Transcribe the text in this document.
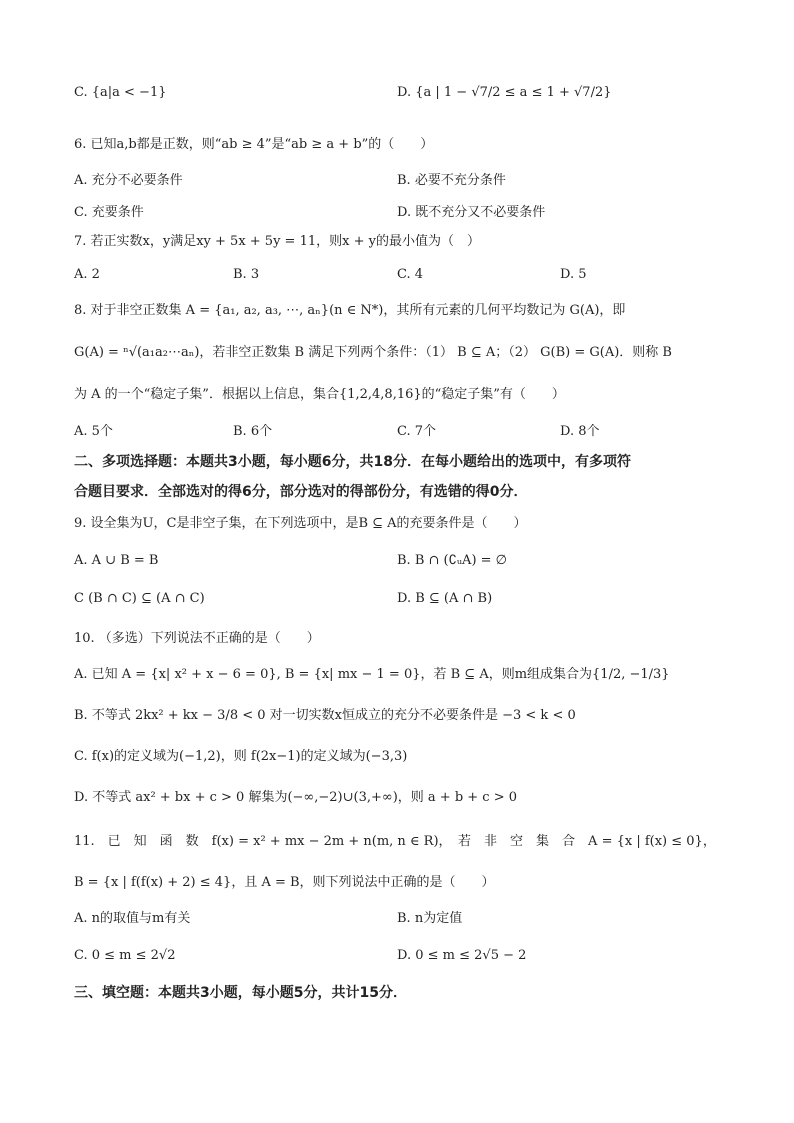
C. {a|a < −1}	D. {a | 1 − √7/2 ≤ a ≤ 1 + √7/2}
6. 已知a,b都是正数，则“ab ≥ 4”是“ab ≥ a + b”的（　　）
A. 充分不必要条件	B. 必要不充分条件
C. 充要条件	D. 既不充分又不必要条件
7. 若正实数x，y满足xy + 5x + 5y = 11，则x + y的最小值为（　）
A. 2	B. 3	C. 4	D. 5
8. 对于非空正数集 A = {a₁, a₂, a₃, ⋯, aₙ}(n ∈ N*)，其所有元素的几何平均数记为 G(A)，即
G(A) = ⁿ√(a₁a₂⋯aₙ)，若非空正数集 B 满足下列两个条件：（1） B ⊆ A；（2） G(B) = G(A)．则称 B
为 A 的一个“稳定子集”．根据以上信息，集合{1,2,4,8,16}的“稳定子集”有（　　）
A. 5个	B. 6个	C. 7个	D. 8个
二、多项选择题：本题共3小题，每小题6分，共18分．在每小题给出的选项中，有多项符
合题目要求．全部选对的得6分，部分选对的得部份分，有选错的得0分．
9. 设全集为U，C是非空子集，在下列选项中，是B ⊆ A的充要条件是（　　）
A. A ∪ B = B	B. B ∩ (∁ᵤA) = ∅
C (B ∩ C) ⊆ (A ∩ C)	D. B ⊆ (A ∩ B)
10. （多选）下列说法不正确的是（　　）
A. 已知 A = {x| x² + x − 6 = 0}, B = {x| mx − 1 = 0}，若 B ⊆ A，则m组成集合为{1/2, −1/3}
B. 不等式 2kx² + kx − 3/8 < 0 对一切实数x恒成立的充分不必要条件是 −3 < k < 0
C. f(x)的定义域为(−1,2)，则 f(2x−1)的定义域为(−3,3)
D. 不等式 ax² + bx + c > 0 解集为(−∞,−2)∪(3,+∞)，则 a + b + c > 0
11.　已　知　函　数　f(x) = x² + mx − 2m + n(m, n ∈ R)，　若　非　空　集　合　A = {x | f(x) ≤ 0}，
B = {x | f(f(x) + 2) ≤ 4}，且 A = B，则下列说法中正确的是（　　）
A. n的取值与m有关	B. n为定值
C. 0 ≤ m ≤ 2√2	D. 0 ≤ m ≤ 2√5 − 2
三、填空题：本题共3小题，每小题5分，共计15分．
